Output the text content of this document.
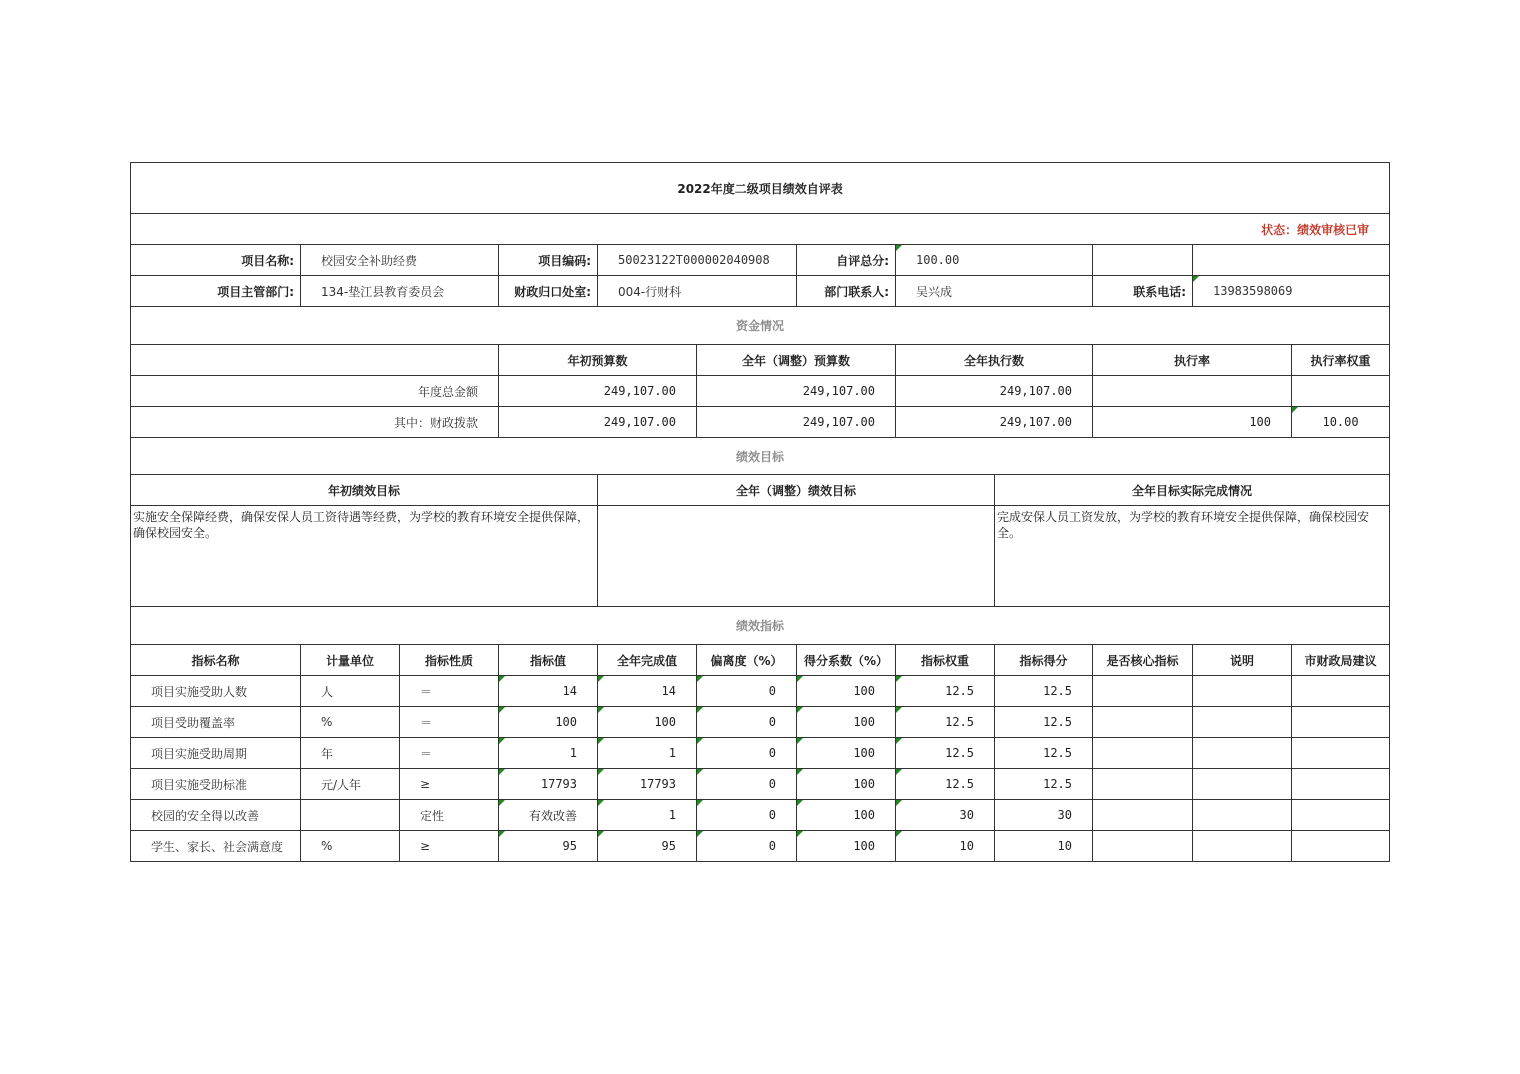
2022年度二级项目绩效自评表												
状态：绩效审核已审												
项目名称:	校园安全补助经费		项目编码:	50023122T000002040908		自评总分:	100.00					
项目主管部门:	134-垫江县教育委员会		财政归口处室:	004-行财科		部门联系人:	吴兴成		联系电话:	13983598069		
资金情况												
			年初预算数		全年（调整）预算数		全年执行数		执行率		执行率权重	
年度总金额			249,107.00		249,107.00		249,107.00					
其中：财政拨款			249,107.00		249,107.00		249,107.00		100		10.00	
绩效目标												
年初绩效目标				全年（调整）绩效目标				全年目标实际完成情况				
实施安全保障经费，确保安保人员工资待遇等经费，为学校的教育环境安全提供保障，确保校园安全。								完成安保人员工资发放，为学校的教育环境安全提供保障，确保校园安全。				
绩效指标												
指标名称	计量单位	指标性质	指标值	全年完成值	偏离度（%）	得分系数（%）	指标权重	指标得分	是否核心指标	说明	市财政局建议	
项目实施受助人数	人	＝	14	14	0	100	12.5	12.5				
项目受助覆盖率	%	＝	100	100	0	100	12.5	12.5				
项目实施受助周期	年	＝	1	1	0	100	12.5	12.5				
项目实施受助标准	元/人年	≥	17793	17793	0	100	12.5	12.5				
校园的安全得以改善		定性	有效改善	1	0	100	30	30				
学生、家长、社会满意度	%	≥	95	95	0	100	10	10				
